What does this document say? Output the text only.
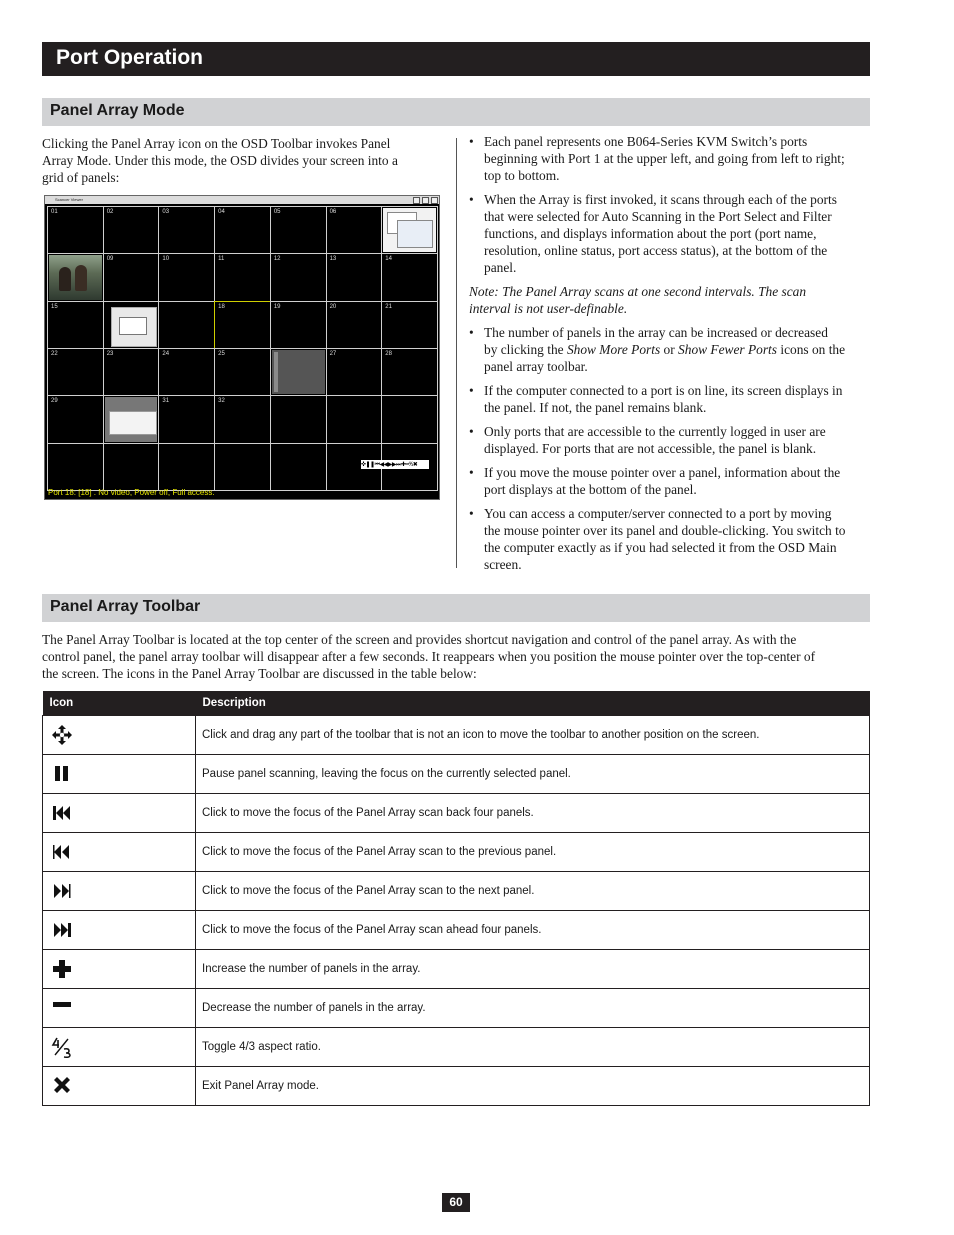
Port Operation
Panel Array Mode
Clicking the Panel Array icon on the OSD Toolbar invokes Panel
Array Mode. Under this mode, the OSD divides your screen into a
grid of panels:
Scancer Viewer
01	02	03	04	05	06
09	10	11	12	13	14
15	18	19	20	21
22	23	24	25	27	28
29	31	32
✜❚❚⏮◀◀▶▶⏭✚━⁴⁄₃✖
Port 18: [18] . No video, Power off, Full access.
• Each panel represents one B064-Series KVM Switch’s ports
beginning with Port 1 at the upper left, and going from left to right;
top to bottom.
• When the Array is first invoked, it scans through each of the ports
that were selected for Auto Scanning in the Port Select and Filter
functions, and displays information about the port (port name,
resolution, online status, port access status), at the bottom of the
panel.
Note: The Panel Array scans at one second intervals. The scan
interval is not user-definable.
• The number of panels in the array can be increased or decreased
by clicking the Show More Ports or Show Fewer Ports icons on the
panel array toolbar.
• If the computer connected to a port is on line, its screen displays in
the panel. If not, the panel remains blank.
• Only ports that are accessible to the currently logged in user are
displayed. For ports that are not accessible, the panel is blank.
• If you move the mouse pointer over a panel, information about the
port displays at the bottom of the panel.
• You can access a computer/server connected to a port by moving
the mouse pointer over its panel and double-clicking. You switch to
the computer exactly as if you had selected it from the OSD Main
screen.
Panel Array Toolbar
The Panel Array Toolbar is located at the top center of the screen and provides shortcut navigation and control of the panel array. As with the
control panel, the panel array toolbar will disappear after a few seconds. It reappears when you position the mouse pointer over the top-center of
the screen. The icons in the Panel Array Toolbar are discussed in the table below:
Icon	Description

	Click and drag any part of the toolbar that is not an icon to move the toolbar to another position on the screen.

	Pause panel scanning, leaving the focus on the currently selected panel.

	Click to move the focus of the Panel Array scan back four panels.

	Click to move the focus of the Panel Array scan to the previous panel.

	Click to move the focus of the Panel Array scan to the next panel.

	Click to move the focus of the Panel Array scan ahead four panels.

	Increase the number of panels in the array.

	Decrease the number of panels in the array.

	Toggle 4/3 aspect ratio.

	Exit Panel Array mode.
60
